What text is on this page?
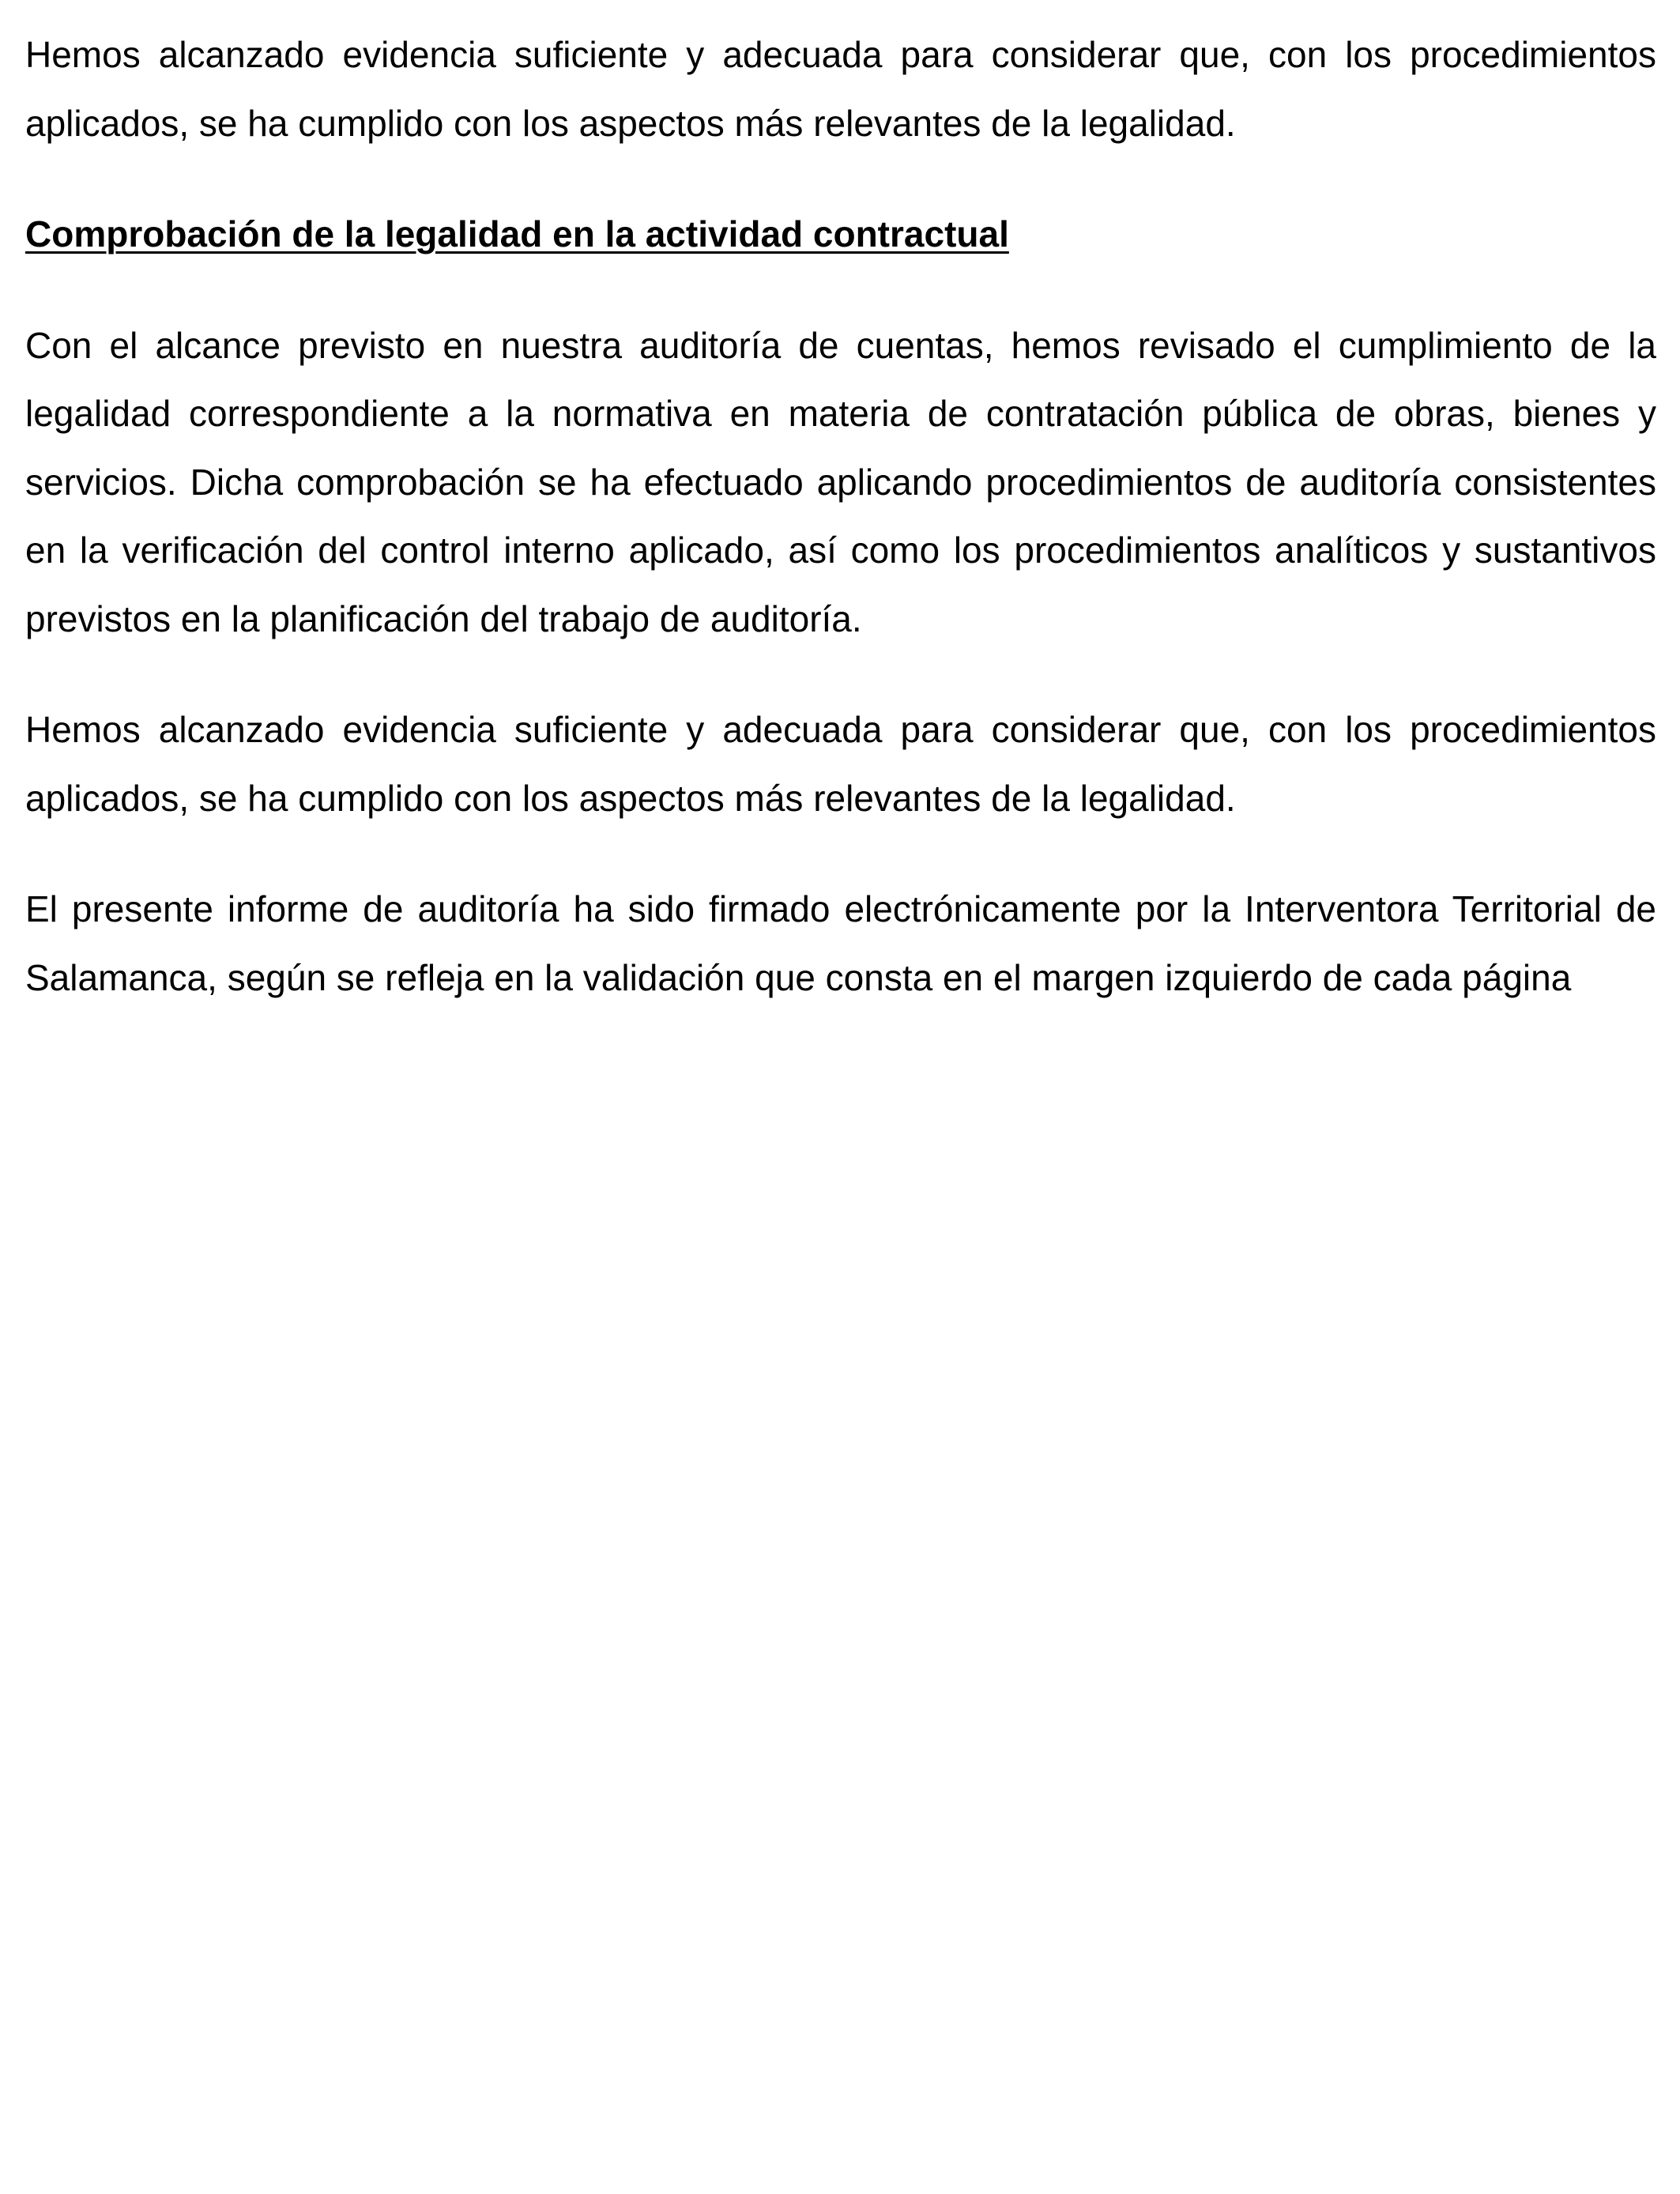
Hemos alcanzado evidencia suficiente y adecuada para considerar que, con los procedimientos aplicados, se ha cumplido con los aspectos más relevantes de la legalidad.

Comprobación de la legalidad en la actividad contractual

Con el alcance previsto en nuestra auditoría de cuentas, hemos revisado el cumplimiento de la legalidad correspondiente a la normativa en materia de contratación pública de obras, bienes y servicios. Dicha comprobación se ha efectuado aplicando procedimientos de auditoría consistentes en la verificación del control interno aplicado, así como los procedimientos analíticos y sustantivos previstos en la planificación del trabajo de auditoría.

Hemos alcanzado evidencia suficiente y adecuada para considerar que, con los procedimientos aplicados, se ha cumplido con los aspectos más relevantes de la legalidad.

El presente informe de auditoría ha sido firmado electrónicamente por la Interventora Territorial de Salamanca, según se refleja en la validación que consta en el margen izquierdo de cada página
